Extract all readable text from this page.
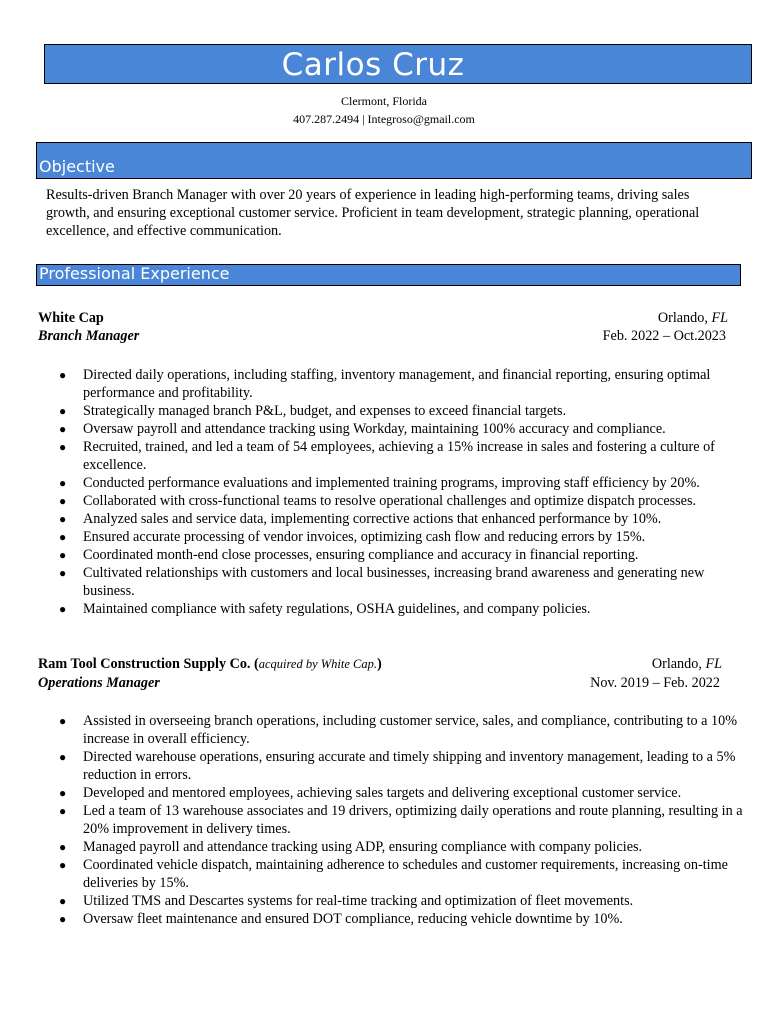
Carlos Cruz
Clermont, Florida
407.287.2494 | Integroso@gmail.com
Objective
Results-driven Branch Manager with over 20 years of experience in leading high-performing teams, driving sales growth, and ensuring exceptional customer service. Proficient in team development, strategic planning, operational excellence, and effective communication.
Professional Experience
White Cap	Orlando, FL
Branch Manager	Feb. 2022 – Oct.2023
● Directed daily operations, including staffing, inventory management, and financial reporting, ensuring optimal performance and profitability.
● Strategically managed branch P&L, budget, and expenses to exceed financial targets.
● Oversaw payroll and attendance tracking using Workday, maintaining 100% accuracy and compliance.
● Recruited, trained, and led a team of 54 employees, achieving a 15% increase in sales and fostering a culture of excellence.
● Conducted performance evaluations and implemented training programs, improving staff efficiency by 20%.
● Collaborated with cross-functional teams to resolve operational challenges and optimize dispatch processes.
● Analyzed sales and service data, implementing corrective actions that enhanced performance by 10%.
● Ensured accurate processing of vendor invoices, optimizing cash flow and reducing errors by 15%.
● Coordinated month-end close processes, ensuring compliance and accuracy in financial reporting.
● Cultivated relationships with customers and local businesses, increasing brand awareness and generating new business.
● Maintained compliance with safety regulations, OSHA guidelines, and company policies.
Ram Tool Construction Supply Co. (acquired by White Cap.)	Orlando, FL
Operations Manager	Nov. 2019 – Feb. 2022
● Assisted in overseeing branch operations, including customer service, sales, and compliance, contributing to a 10% increase in overall efficiency.
● Directed warehouse operations, ensuring accurate and timely shipping and inventory management, leading to a 5% reduction in errors.
● Developed and mentored employees, achieving sales targets and delivering exceptional customer service.
● Led a team of 13 warehouse associates and 19 drivers, optimizing daily operations and route planning, resulting in a 20% improvement in delivery times.
● Managed payroll and attendance tracking using ADP, ensuring compliance with company policies.
● Coordinated vehicle dispatch, maintaining adherence to schedules and customer requirements, increasing on-time deliveries by 15%.
● Utilized TMS and Descartes systems for real-time tracking and optimization of fleet movements.
● Oversaw fleet maintenance and ensured DOT compliance, reducing vehicle downtime by 10%.
